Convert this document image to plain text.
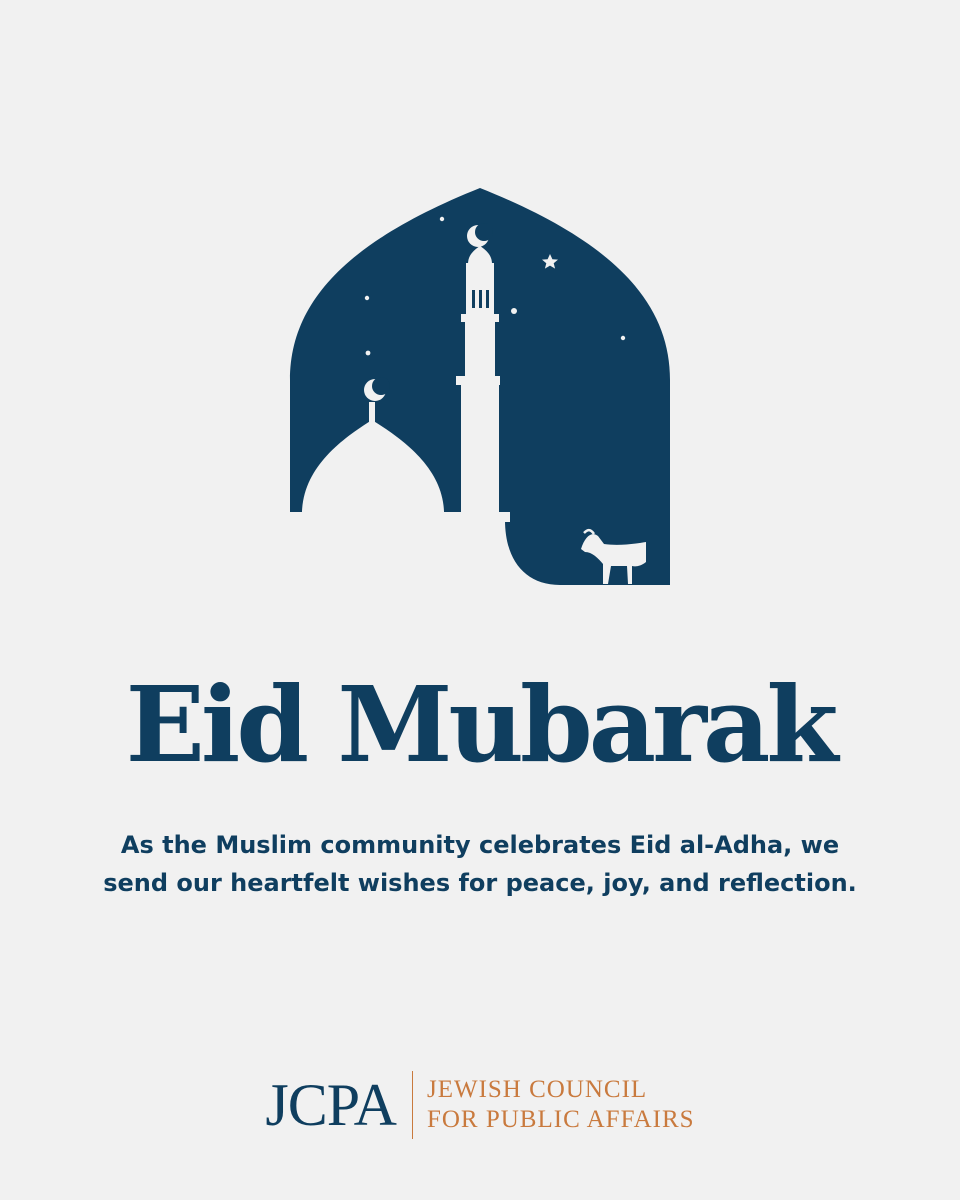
Eid Mubarak

As the Muslim community celebrates Eid al-Adha, we
send our heartfelt wishes for peace, joy, and reflection.

JCPA	JEWISH COUNCIL
FOR PUBLIC AFFAIRS
